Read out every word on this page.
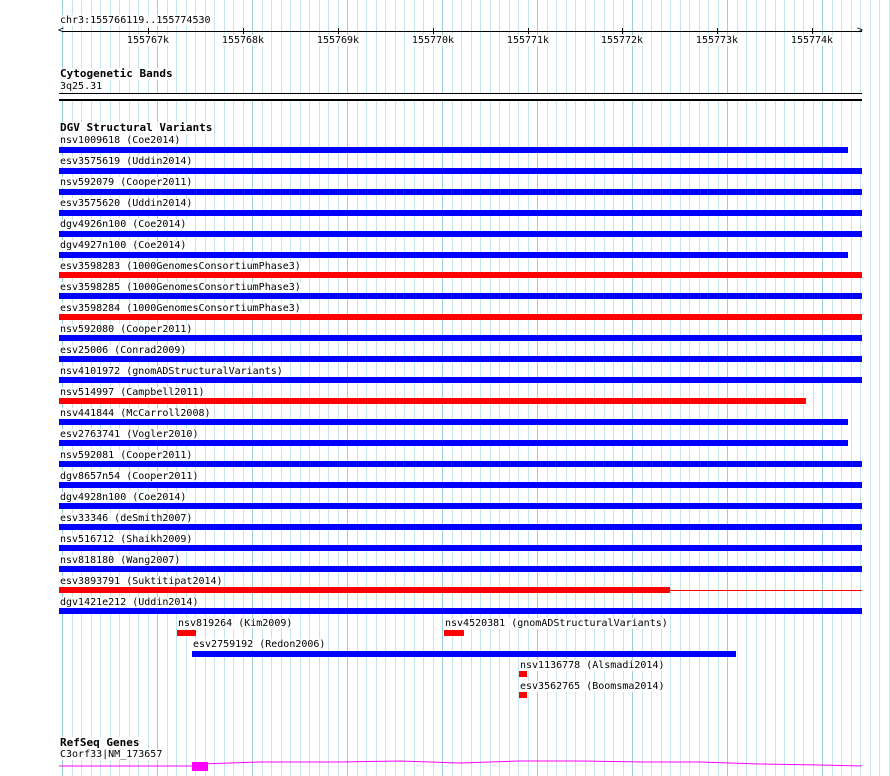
chr3:155766119..155774530
<	>
155767k	155768k	155769k	155770k	155771k	155772k	155773k	155774k
Cytogenetic Bands
3q25.31
DGV Structural Variants
nsv1009618 (Coe2014)
esv3575619 (Uddin2014)
nsv592079 (Cooper2011)
esv3575620 (Uddin2014)
dgv4926n100 (Coe2014)
dgv4927n100 (Coe2014)
esv3598283 (1000GenomesConsortiumPhase3)
esv3598285 (1000GenomesConsortiumPhase3)
esv3598284 (1000GenomesConsortiumPhase3)
nsv592080 (Cooper2011)
esv25006 (Conrad2009)
nsv4101972 (gnomADStructuralVariants)
nsv514997 (Campbell2011)
nsv441844 (McCarroll2008)
esv2763741 (Vogler2010)
nsv592081 (Cooper2011)
dgv8657n54 (Cooper2011)
dgv4928n100 (Coe2014)
esv33346 (deSmith2007)
nsv516712 (Shaikh2009)
nsv818180 (Wang2007)
esv3893791 (Suktitipat2014)
dgv1421e212 (Uddin2014)
nsv819264 (Kim2009)	nsv4520381 (gnomADStructuralVariants)
esv2759192 (Redon2006)
nsv1136778 (Alsmadi2014)
esv3562765 (Boomsma2014)
RefSeq Genes
C3orf33|NM_173657
